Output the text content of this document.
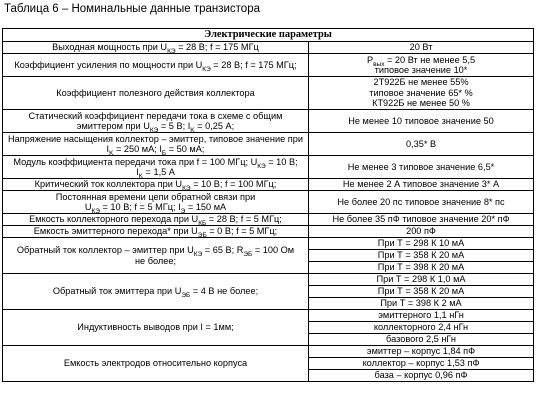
Таблица 6 – Номинальные данные транзистора
Электрические параметры	
Выходная мощность при $U_{КЭ} = 28$ В; f = 175 МГц	20 Вт
Коэффициент усиления по мощности при $U_{КЭ} = 28$ В; f = 175 МГц;	$P_{вых} = 20$ Вт не менее 5,5
типовое значение 10*
Коэффициент полезного действия коллектора	2Т922Б не менее 55%
типовое значение 65* %
КТ922Б не менее 50 %
Статический коэффициент передачи тока в схеме с общим эмиттером при $U_{КЭ} = 5$ В; $I_K = 0,25$ А;	Не менее 10 типовое значение 50
Напряжение насыщения коллектор – эмиттер, типовое значение при $I_K = 250$ мА; $I_Б = 50$ мА;	0,35* В
Модуль коэффициента передачи тока при f = 100 МГц; $U_{КЭ} = 10$ В;
$I_K = 1,5$ А	Не менее 3 типовое значение 6,5*
Критический ток коллектора при $U_{КЭ} = 10$ В; f = 100 МГц;	Не менее 2 А типовое значение 3* А
Постоянная времени цепи обратной связи при
$U_{КЭ} = 10$ В; f = 5 МГц; $I_Э = 150$ мА	Не более 20 пс типовое значение 8* пс
Емкость коллекторного перехода при $U_{КБ} = 28$ В; f = 5 МГц;	Не более 35 пФ типовое значение 20* пФ
Емкость эмиттерного перехода* при $U_{ЭБ} = 0$ В; f = 5 МГц;	200 пФ
Обратный ток коллектор – эмиттер при $U_{КЭ} = 65$ В; $R_{ЭБ} = 100$ Ом
не более;	При Т = 298 К 10 мА
	При Т = 358 К 20 мА
	При Т = 398 К 20 мА
Обратный ток эмиттера при $U_{ЭБ} = 4$ В не более;	При Т = 298 К 1,0 мА
	При Т = 358 К 20 мА
	При Т = 398 К 2 мА
Индуктивность выводов при I = 1мм;	эмиттерного 1,1 нГн
	коллекторного 2,4 нГн
	базового 2,5 нГн
Емкость электродов относительно корпуса	эмиттер – корпус 1,84 пФ
	коллектор – корпус 1,53 пФ
	база – корпус 0,96 пФ
